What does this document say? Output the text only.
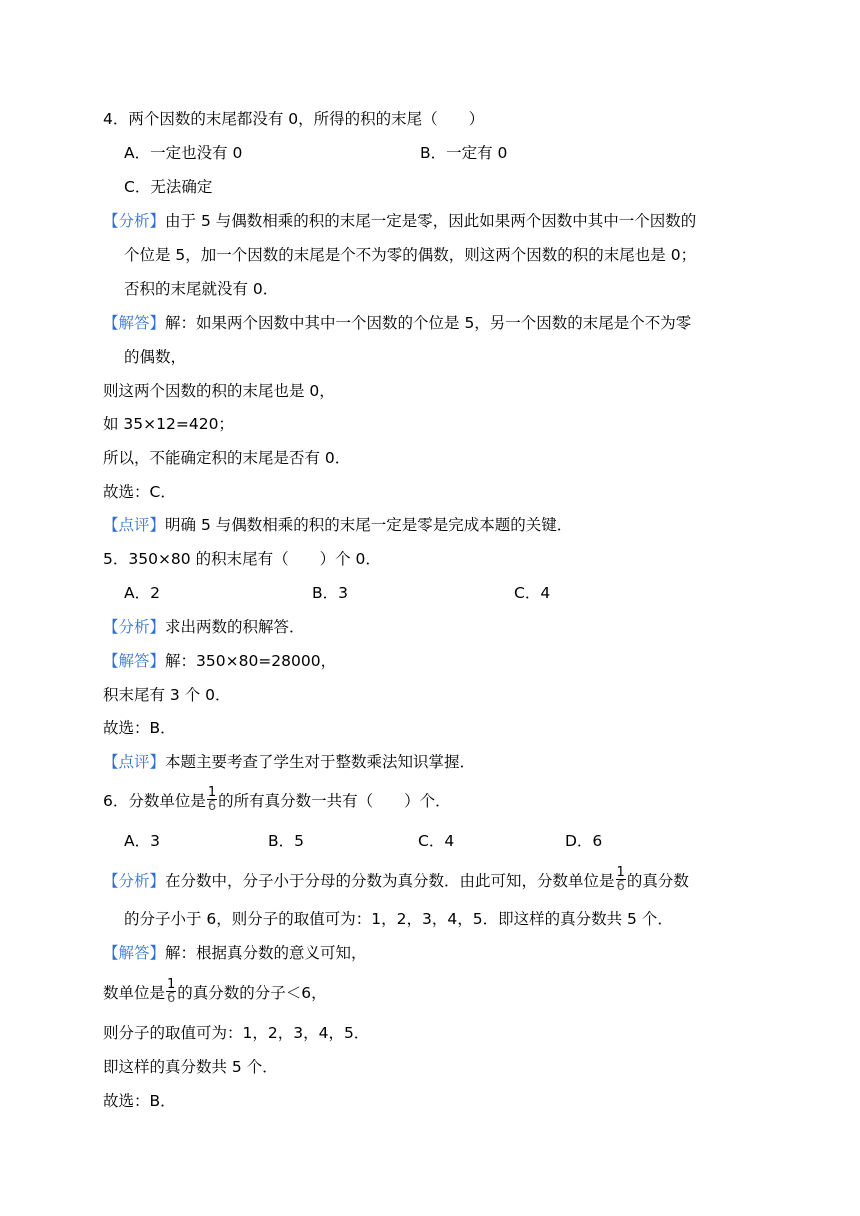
4．两个因数的末尾都没有 0，所得的积的末尾（　　）
A．一定也没有 0	B．一定有 0
C．无法确定
【分析】由于 5 与偶数相乘的积的末尾一定是零，因此如果两个因数中其中一个因数的
个位是 5，加一个因数的末尾是个不为零的偶数，则这两个因数的积的末尾也是 0；
否积的末尾就没有 0．
【解答】解：如果两个因数中其中一个因数的个位是 5，另一个因数的末尾是个不为零
的偶数，
则这两个因数的积的末尾也是 0，
如 35×12=420；
所以，不能确定积的末尾是否有 0．
故选：C．
【点评】明确 5 与偶数相乘的积的末尾一定是零是完成本题的关键．
5．350×80 的积末尾有（　　）个 0．
A．2	B．3	C．4
【分析】求出两数的积解答．
【解答】解：350×80=28000，
积末尾有 3 个 0．
故选：B．
【点评】本题主要考查了学生对于整数乘法知识掌握．
6．分数单位是 $\frac{1}{6}$ 的所有真分数一共有（　　）个．
A．3	B．5	C．4	D．6
【分析】在分数中，分子小于分母的分数为真分数．由此可知，分数单位是 $\frac{1}{6}$ 的真分数
的分子小于 6，则分子的取值可为：1，2，3，4，5．即这样的真分数共 5 个．
【解答】解：根据真分数的意义可知，
数单位是 $\frac{1}{6}$ 的真分数的分子＜6，
则分子的取值可为：1，2，3，4，5．
即这样的真分数共 5 个．
故选：B．
